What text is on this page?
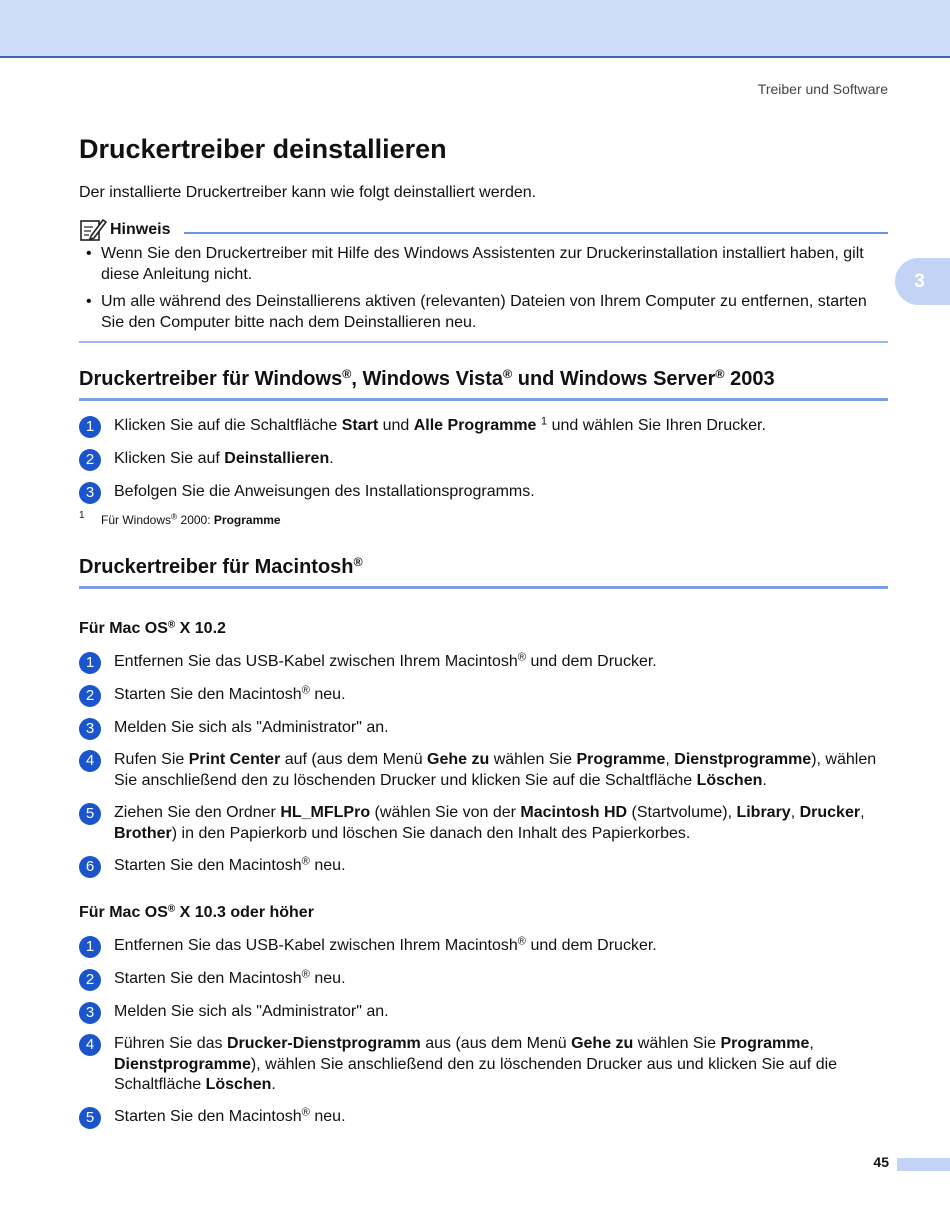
Treiber und Software
3
Druckertreiber deinstallieren

Der installierte Druckertreiber kann wie folgt deinstalliert werden.

Hinweis
• Wenn Sie den Druckertreiber mit Hilfe des Windows Assistenten zur Druckerinstallation installiert haben, gilt diese Anleitung nicht.
• Um alle während des Deinstallierens aktiven (relevanten) Dateien von Ihrem Computer zu entfernen, starten Sie den Computer bitte nach dem Deinstallieren neu.
Druckertreiber für Windows®, Windows Vista® und Windows Server® 2003
1	Klicken Sie auf die Schaltfläche Start und Alle Programme $^1$ und wählen Sie Ihren Drucker.
2	Klicken Sie auf Deinstallieren.
3	Befolgen Sie die Anweisungen des Installationsprogramms.
1 Für Windows® 2000: Programme
Druckertreiber für Macintosh®
Für Mac OS® X 10.2
1	Entfernen Sie das USB-Kabel zwischen Ihrem Macintosh® und dem Drucker.
2	Starten Sie den Macintosh® neu.
3	Melden Sie sich als "Administrator" an.
4	Rufen Sie Print Center auf (aus dem Menü Gehe zu wählen Sie Programme, Dienstprogramme), wählen Sie anschließend den zu löschenden Drucker und klicken Sie auf die Schaltfläche Löschen.
5	Ziehen Sie den Ordner HL_MFLPro (wählen Sie von der Macintosh HD (Startvolume), Library, Drucker, Brother) in den Papierkorb und löschen Sie danach den Inhalt des Papierkorbes.
6	Starten Sie den Macintosh® neu.
Für Mac OS® X 10.3 oder höher
1	Entfernen Sie das USB-Kabel zwischen Ihrem Macintosh® und dem Drucker.
2	Starten Sie den Macintosh® neu.
3	Melden Sie sich als "Administrator" an.
4	Führen Sie das Drucker-Dienstprogramm aus (aus dem Menü Gehe zu wählen Sie Programme, Dienstprogramme), wählen Sie anschließend den zu löschenden Drucker aus und klicken Sie auf die Schaltfläche Löschen.
5	Starten Sie den Macintosh® neu.
45
